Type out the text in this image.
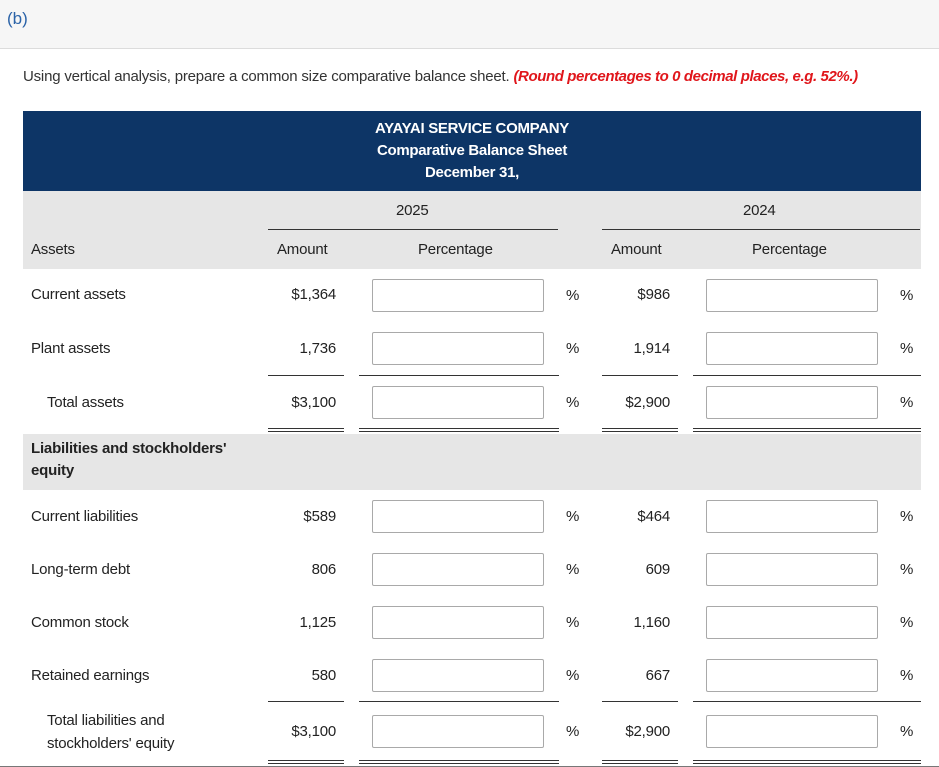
(b)
Using vertical analysis, prepare a common size comparative balance sheet. (Round percentages to 0 decimal places, e.g. 52%.)
AYAYAI SERVICE COMPANY
Comparative Balance Sheet
December 31,
2025	2024
Assets	Amount	Percentage	Amount	Percentage
Current assets	$1,364	%	$986	%
Plant assets	1,736	%	1,914	%
Total assets	$3,100	%	$2,900	%
Liabilities and stockholders'
equity
Current liabilities	$589	%	$464	%
Long-term debt	806	%	609	%
Common stock	1,125	%	1,160	%
Retained earnings	580	%	667	%
Total liabilities and
stockholders' equity
$3,100	%	$2,900	%
